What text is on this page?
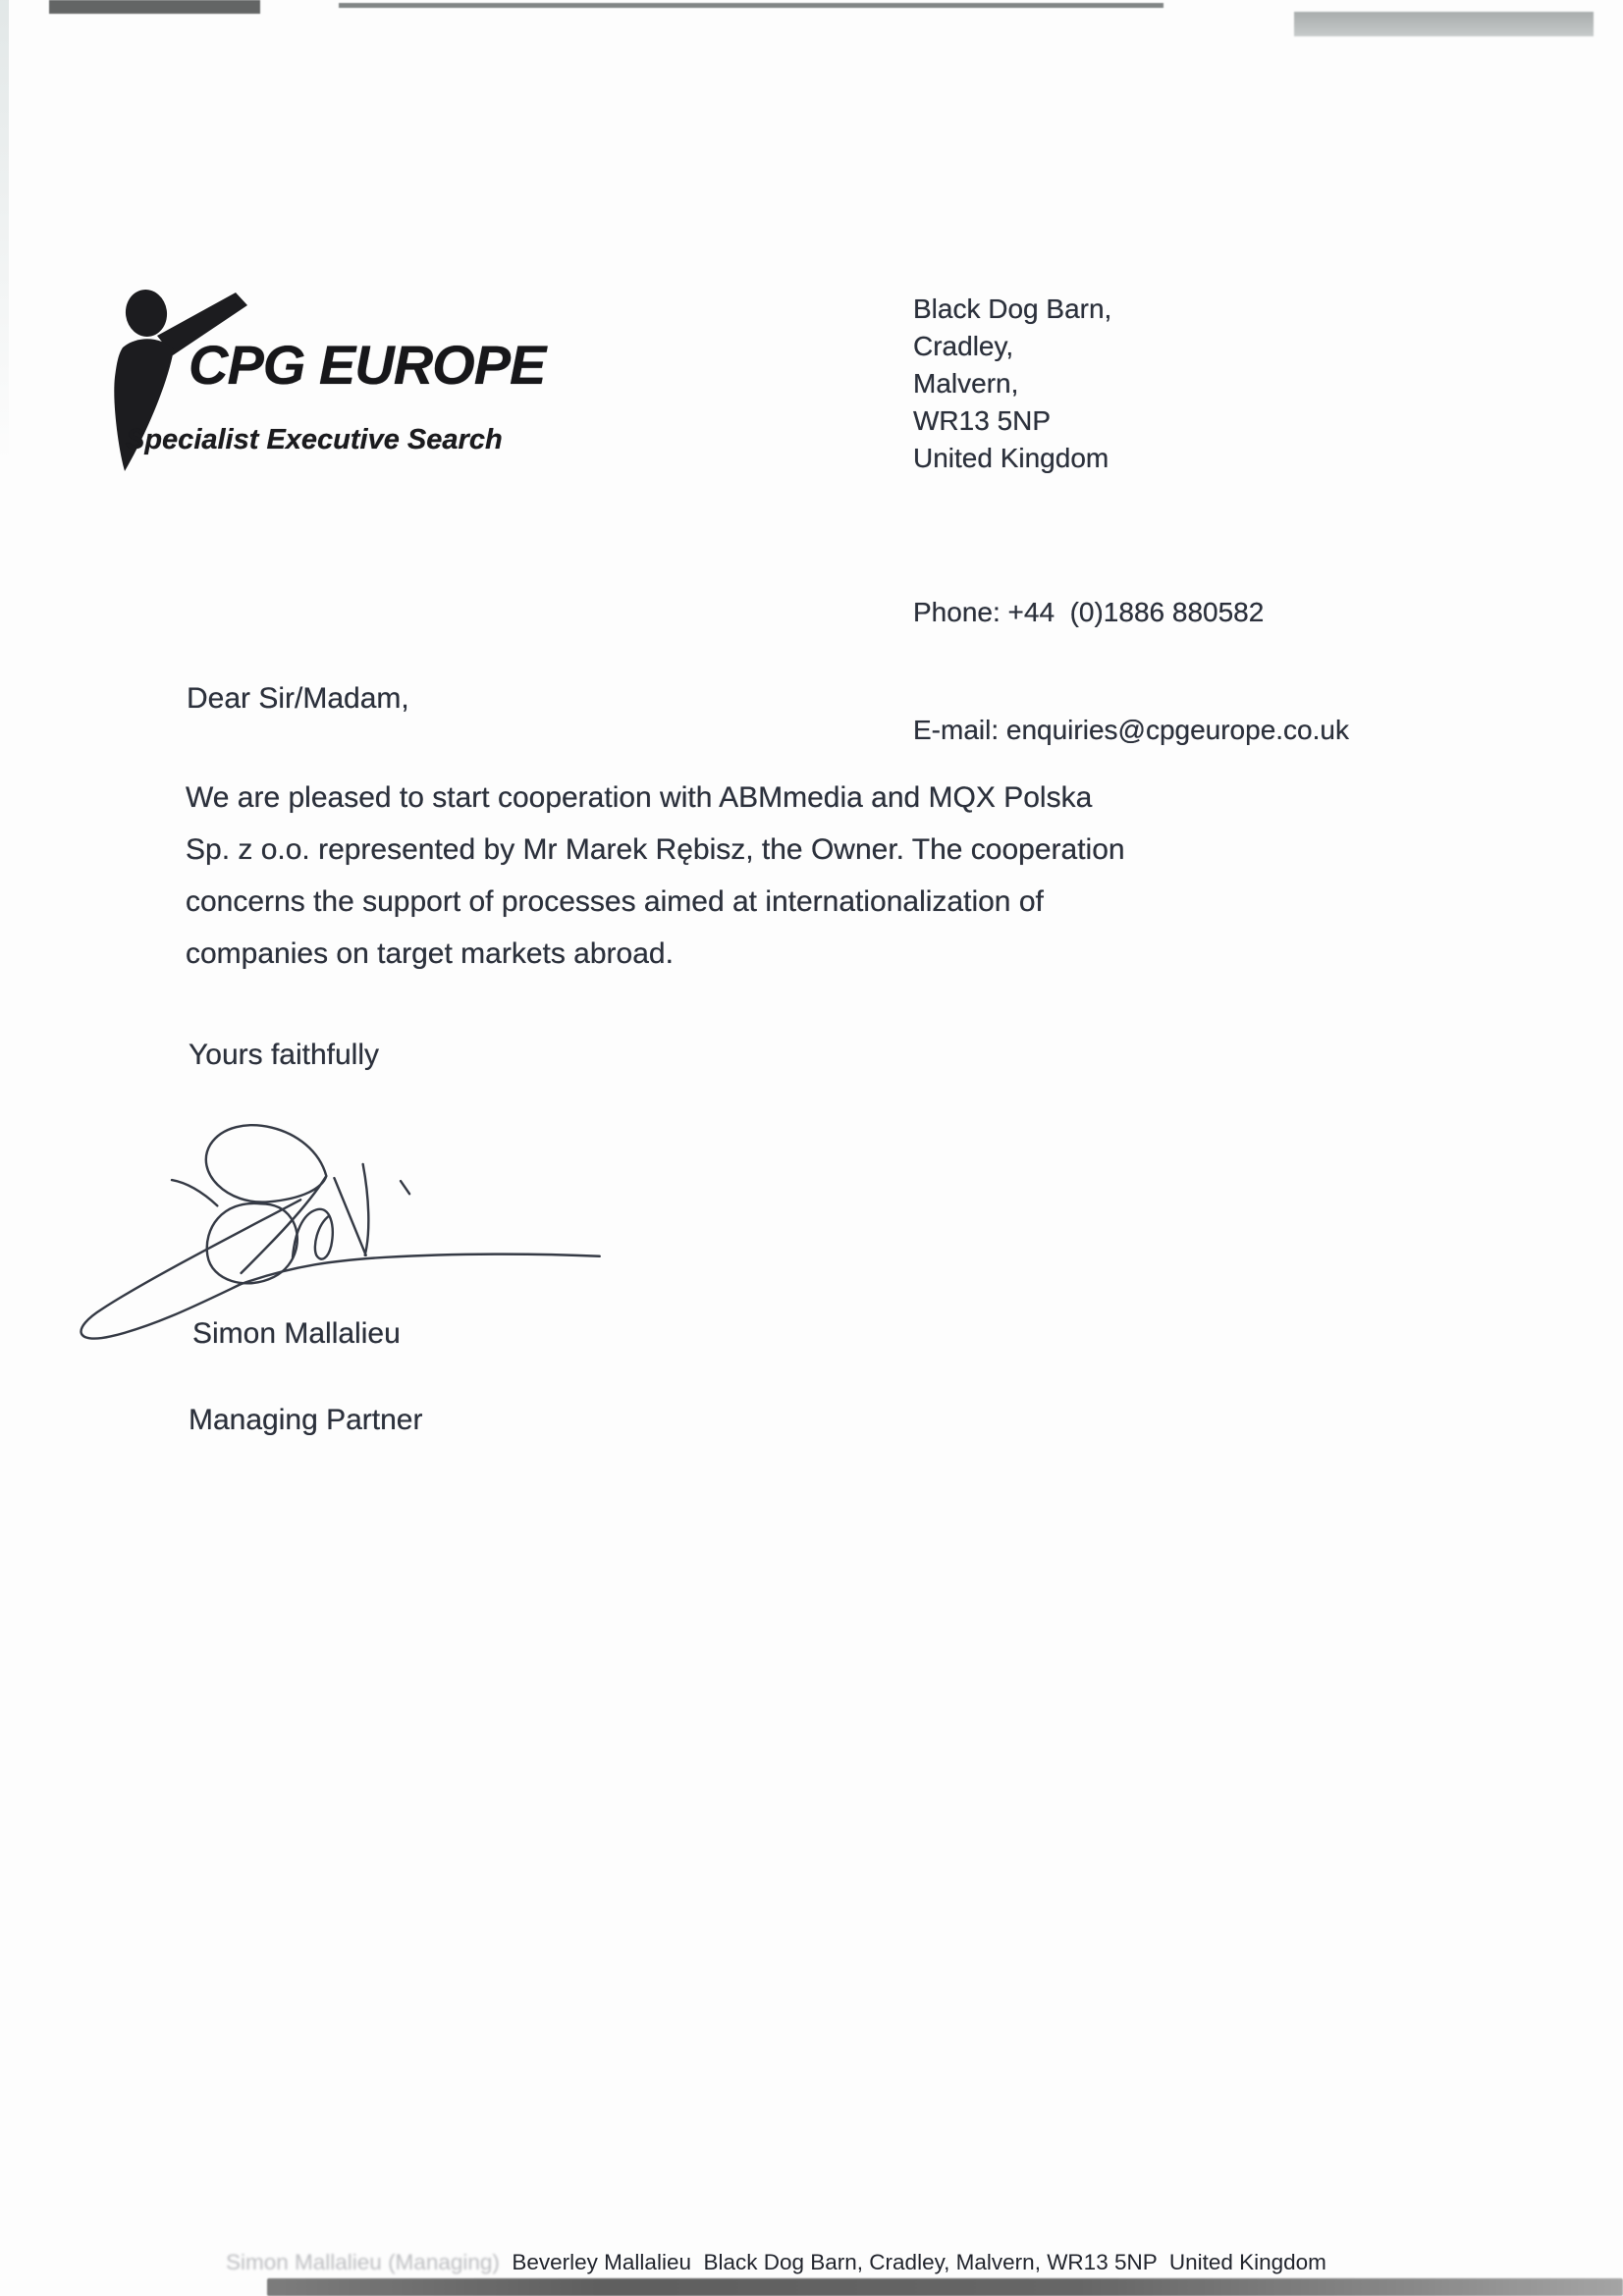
CPG EUROPE
Specialist Executive Search
Black Dog Barn,
Cradley,
Malvern,
WR13 5NP
United Kingdom

Phone: +44  (0)1886 880582

E-mail: enquiries@cpgeurope.co.uk

Dear Sir/Madam,
We are pleased to start cooperation with ABMmedia and MQX Polska
Sp. z o.o. represented by Mr Marek Rębisz, the Owner. The cooperation
concerns the support of processes aimed at internationalization of
companies on target markets abroad.
Yours faithfully
Simon Mallalieu
Managing Partner
Simon Mallalieu (Managing)  Beverley Mallalieu  Black Dog Barn, Cradley, Malvern, WR13 5NP  United Kingdom
